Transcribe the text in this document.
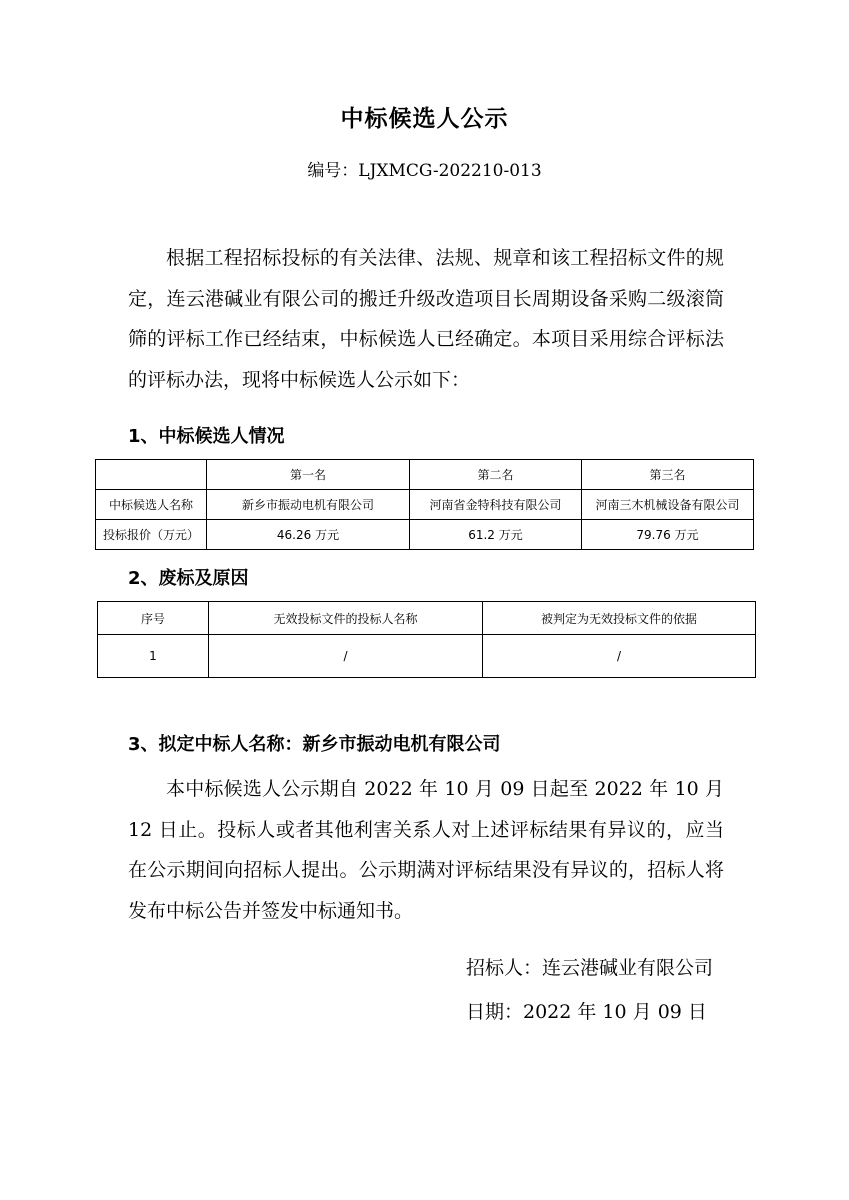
中标候选人公示
编号：LJXMCG-202210-013

根据工程招标投标的有关法律、法规、规章和该工程招标文件的规定，连云港碱业有限公司的搬迁升级改造项目长周期设备采购二级滚筒筛的评标工作已经结束，中标候选人已经确定。本项目采用综合评标法的评标办法，现将中标候选人公示如下：

1、中标候选人情况
	第一名	第二名	第三名
中标候选人名称	新乡市振动电机有限公司	河南省金特科技有限公司	河南三木机械设备有限公司
投标报价（万元）	46.26 万元	61.2 万元	79.76 万元
2、废标及原因
序号	无效投标文件的投标人名称	被判定为无效投标文件的依据
1	/	/
3、拟定中标人名称：新乡市振动电机有限公司

本中标候选人公示期自 2022 年 10 月 09 日起至 2022 年 10 月 12 日止。投标人或者其他利害关系人对上述评标结果有异议的，应当在公示期间向招标人提出。公示期满对评标结果没有异议的，招标人将发布中标公告并签发中标通知书。

招标人：连云港碱业有限公司
日期：2022 年 10 月 09 日
